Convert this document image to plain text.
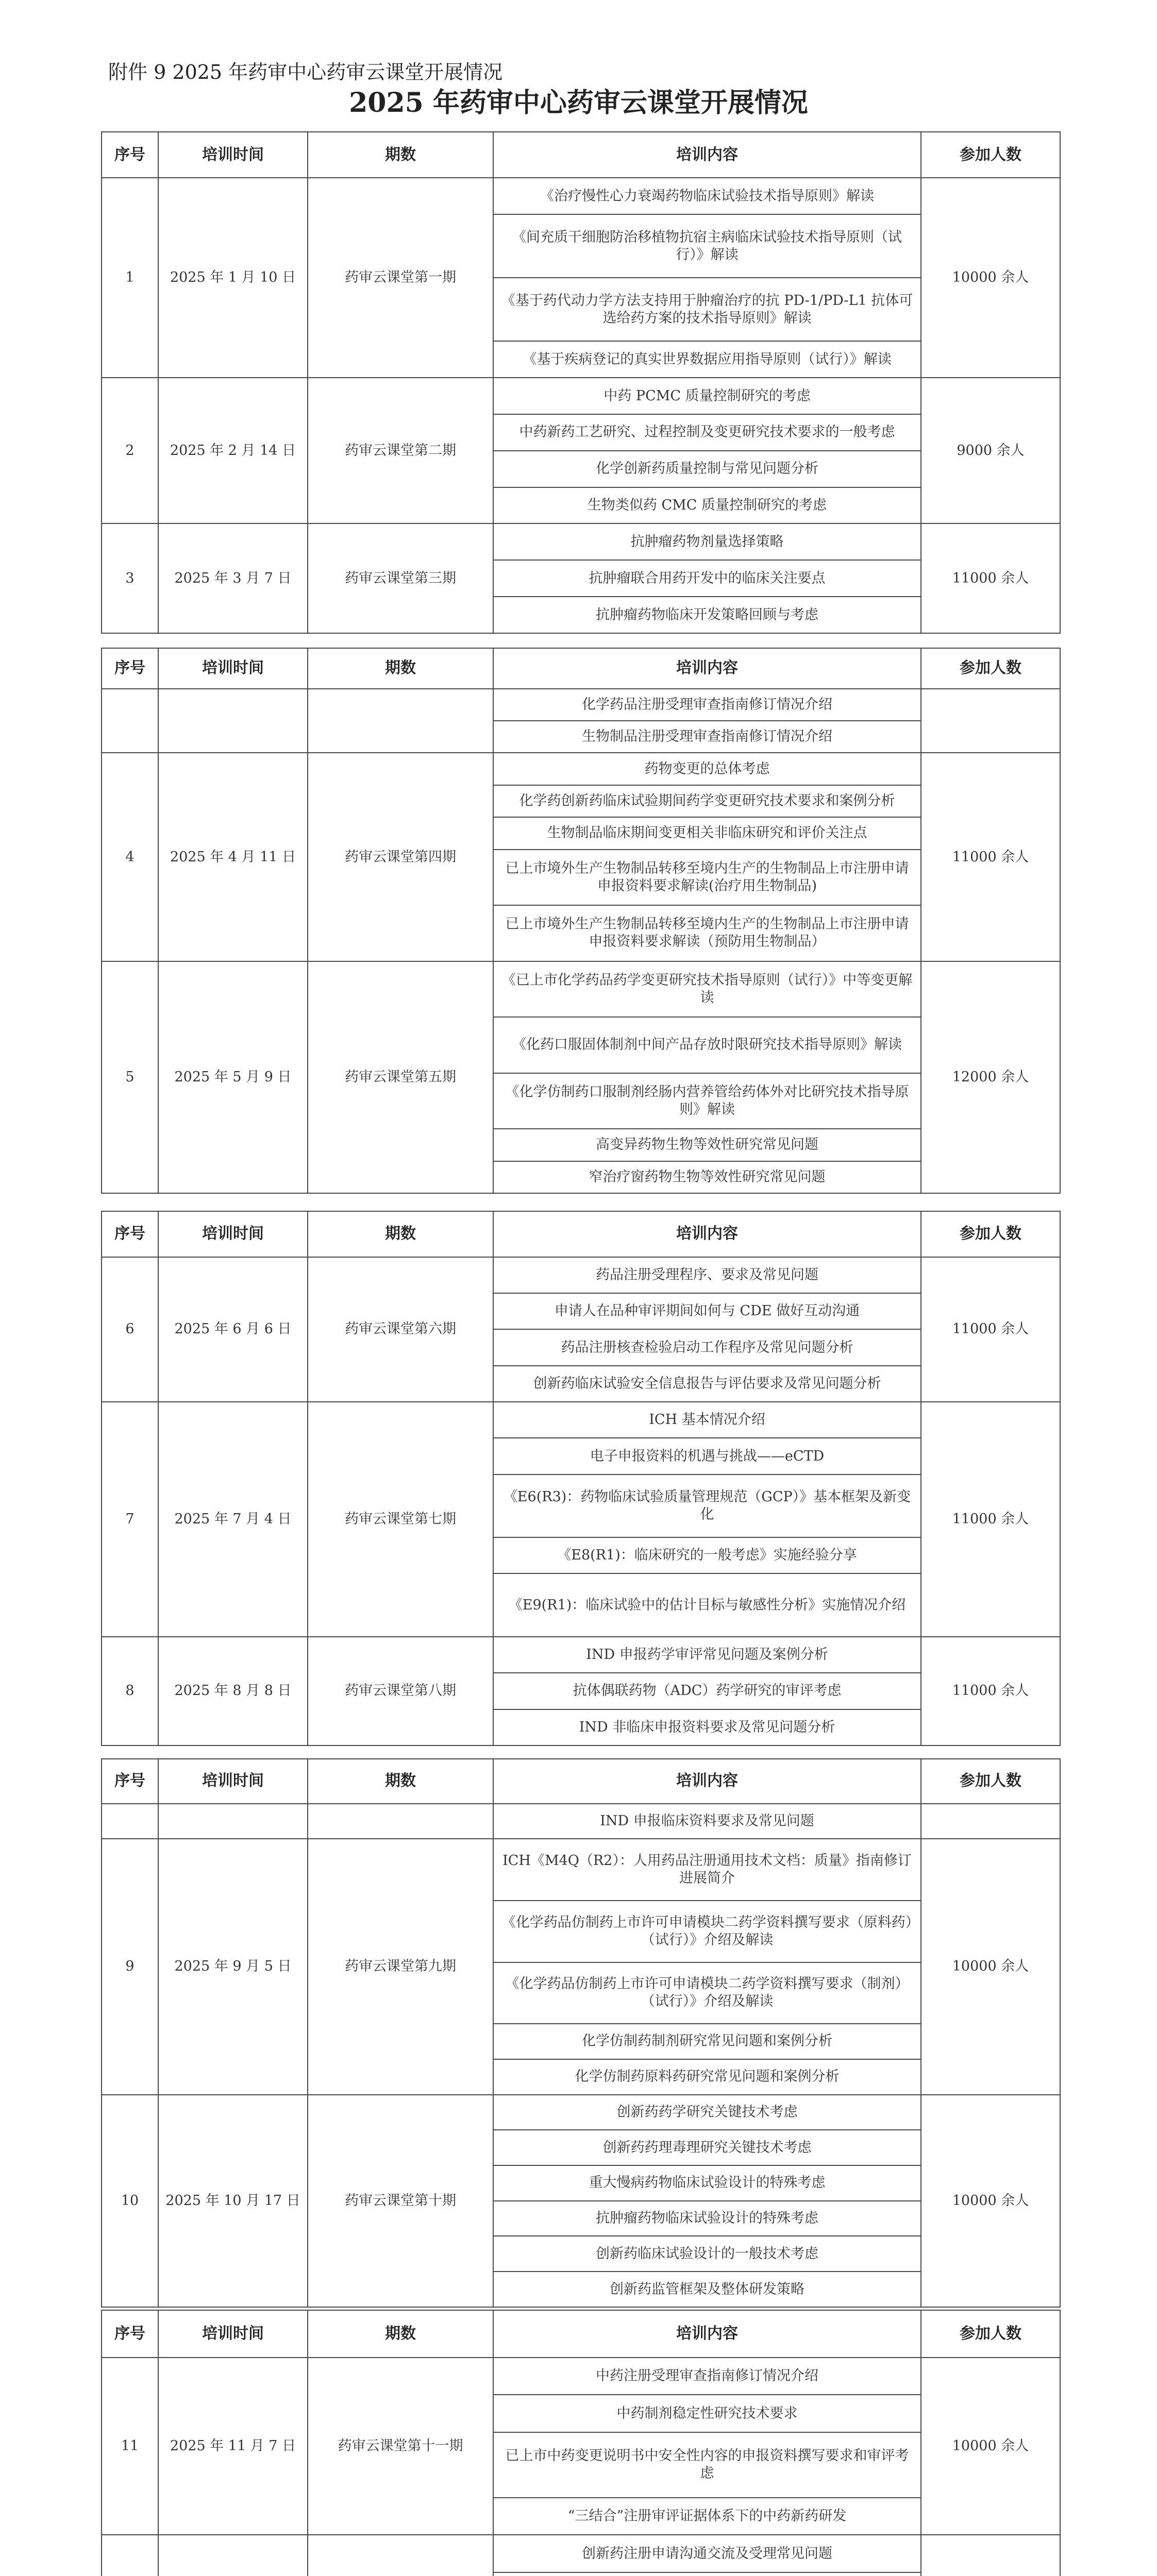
附件 9 2025 年药审中心药审云课堂开展情况
2025 年药审中心药审云课堂开展情况
序号	培训时间	期数	培训内容	参加人数
1	2025 年 1 月 10 日	药审云课堂第一期	《治疗慢性心力衰竭药物临床试验技术指导原则》解读	10000 余人
			《间充质干细胞防治移植物抗宿主病临床试验技术指导原则（试行）》解读	
			《基于药代动力学方法支持用于肿瘤治疗的抗 PD-1/PD-L1 抗体可选给药方案的技术指导原则》解读	
			《基于疾病登记的真实世界数据应用指导原则（试行）》解读	
2	2025 年 2 月 14 日	药审云课堂第二期	中药 PCMC 质量控制研究的考虑	9000 余人
			中药新药工艺研究、过程控制及变更研究技术要求的一般考虑	
			化学创新药质量控制与常见问题分析	
			生物类似药 CMC 质量控制研究的考虑	
3	2025 年 3 月 7 日	药审云课堂第三期	抗肿瘤药物剂量选择策略	11000 余人
			抗肿瘤联合用药开发中的临床关注要点	
			抗肿瘤药物临床开发策略回顾与考虑	
序号	培训时间	期数	培训内容	参加人数
			化学药品注册受理审查指南修订情况介绍	
			生物制品注册受理审查指南修订情况介绍	
4	2025 年 4 月 11 日	药审云课堂第四期	药物变更的总体考虑	11000 余人
			化学药创新药临床试验期间药学变更研究技术要求和案例分析	
			生物制品临床期间变更相关非临床研究和评价关注点	
			已上市境外生产生物制品转移至境内生产的生物制品上市注册申请申报资料要求解读(治疗用生物制品)	
			已上市境外生产生物制品转移至境内生产的生物制品上市注册申请申报资料要求解读（预防用生物制品）	
5	2025 年 5 月 9 日	药审云课堂第五期	《已上市化学药品药学变更研究技术指导原则（试行）》中等变更解读	12000 余人
			《化药口服固体制剂中间产品存放时限研究技术指导原则》解读	
			《化学仿制药口服制剂经肠内营养管给药体外对比研究技术指导原则》解读	
			高变异药物生物等效性研究常见问题	
			窄治疗窗药物生物等效性研究常见问题	
序号	培训时间	期数	培训内容	参加人数
6	2025 年 6 月 6 日	药审云课堂第六期	药品注册受理程序、要求及常见问题	11000 余人
			申请人在品种审评期间如何与 CDE 做好互动沟通	
			药品注册核查检验启动工作程序及常见问题分析	
			创新药临床试验安全信息报告与评估要求及常见问题分析	
7	2025 年 7 月 4 日	药审云课堂第七期	ICH 基本情况介绍	11000 余人
			电子申报资料的机遇与挑战——eCTD	
			《E6(R3)：药物临床试验质量管理规范（GCP）》基本框架及新变化	
			《E8(R1)：临床研究的一般考虑》实施经验分享	
			《E9(R1)：临床试验中的估计目标与敏感性分析》实施情况介绍	
8	2025 年 8 月 8 日	药审云课堂第八期	IND 申报药学审评常见问题及案例分析	11000 余人
			抗体偶联药物（ADC）药学研究的审评考虑	
			IND 非临床申报资料要求及常见问题分析	
序号	培训时间	期数	培训内容	参加人数
			IND 申报临床资料要求及常见问题	
9	2025 年 9 月 5 日	药审云课堂第九期	ICH《M4Q（R2）：人用药品注册通用技术文档：质量》指南修订进展简介	10000 余人
			《化学药品仿制药上市许可申请模块二药学资料撰写要求（原料药）（试行）》介绍及解读	
			《化学药品仿制药上市许可申请模块二药学资料撰写要求（制剂）（试行）》介绍及解读	
			化学仿制药制剂研究常见问题和案例分析	
			化学仿制药原料药研究常见问题和案例分析	
10	2025 年 10 月 17 日	药审云课堂第十期	创新药药学研究关键技术考虑	10000 余人
			创新药药理毒理研究关键技术考虑	
			重大慢病药物临床试验设计的特殊考虑	
			抗肿瘤药物临床试验设计的特殊考虑	
			创新药临床试验设计的一般技术考虑	
			创新药监管框架及整体研发策略	
序号	培训时间	期数	培训内容	参加人数
11	2025 年 11 月 7 日	药审云课堂第十一期	中药注册受理审查指南修订情况介绍	10000 余人
			中药制剂稳定性研究技术要求	
			已上市中药变更说明书中安全性内容的申报资料撰写要求和审评考虑	
			“三结合”注册审评证据体系下的中药新药研发	
			创新药注册申请沟通交流及受理常见问题	
